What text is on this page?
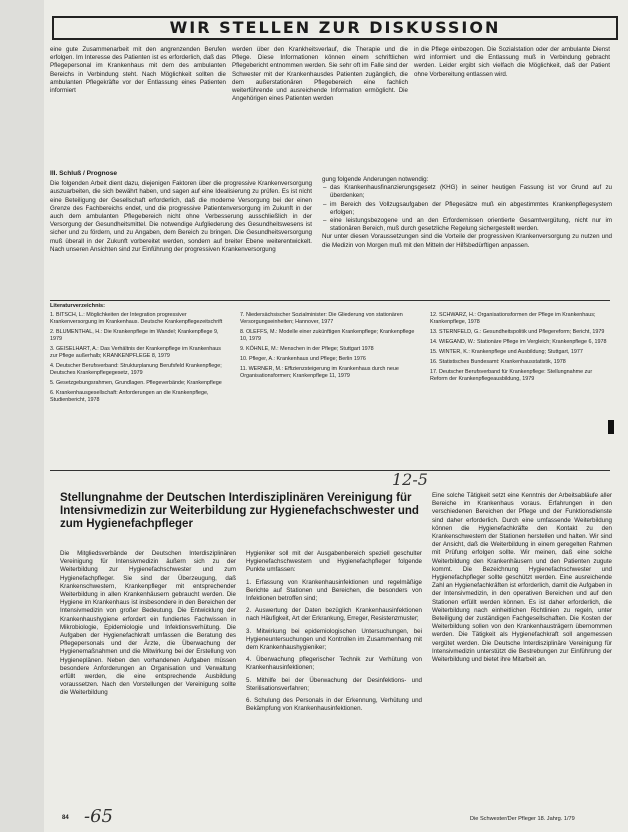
WIR STELLEN ZUR DISKUSSION
eine gute Zusammenarbeit mit den angrenzenden Berufen erfolgen. Im Interesse des Patienten ist es erforderlich, daß das Pflegepersonal im Krankenhaus mit dem des ambulanten Bereichs in Verbindung steht. Nach Möglichkeit sollten die ambulanten Pflegekräfte vor der Entlassung eines Patienten informiert
werden über den Krankheitsverlauf, die Therapie und die Pflege. Diese Informationen können einem schriftlichen Pflegebericht entnommen werden. Sie sehr oft im Falle sind der Schwester mit der Krankenhausdes Patienten zugänglich, die dem außerstationären Pflegebereich eine fachlich weiterführende und ausreichende Information ermöglicht. Die Angehörigen eines Patienten werden
in die Pflege einbezogen. Die Sozialstation oder der ambulante Dienst wird informiert und die Entlassung muß in Verbindung gebracht werden. Leider ergibt sich vielfach die Möglichkeit, daß der Patient ohne Vorbereitung entlassen wird.
III. Schluß / Prognose
Die folgenden Arbeit dient dazu, diejenigen Faktoren über die progressive Krankenversorgung auszuarbeiten, die sich bewährt haben, und sagen auf eine Idealisierung zu prüfen. Es ist nicht eine Beteiligung der Gesellschaft erforderlich, daß die moderne Versorgung bei der einen Grenze des Fachbereichs endet, und die progressive Patientenversorgung im Zukunft in der auch dem ambulanten Pflegebereich nicht ohne Verbesserung ausschließlich in der Versorgung der Gesundheitsmittel. Die notwendige Aufgliederung des Gesundheitswesens ist sicher und zu fördern, und zu Angaben, dem Bereich zu bringen. Die Gesundheitsversorgung muß überall in der Zukunft vorbereitet werden, sondern auf breiter Ebene weiterentwickelt. Nach unseren Ansichten sind zur Einführung der progressiven Krankenversorgung
gung folgende Änderungen notwendig:
– das Krankenhausfinanzierungsgesetz (KHG) in seiner heutigen Fassung ist vor Grund auf zu überdenken;
– im Bereich des Vollzugsaufgaben der Pflegesätze muß ein abgestimmtes Krankenpflegesystem erfolgen;
– eine leistungsbezogene und an den Erfordernissen orientierte Gesamtvergütung, nicht nur im stationären Bereich, muß durch gesetzliche Regelung sichergestellt werden.
Nur unter diesen Voraussetzungen sind die Vorteile der progressiven Krankenversorgung zu nutzen und die Medizin von Morgen muß mit den Mitteln der Hilfsbedürftigen anpassen.
Literaturverzeichnis:
1. BITSCH, L.: Möglichkeiten der Integration progressiver Krankenversorgung im Krankenhaus. Deutsche Krankenpflegezeitschrift
2. BLUMENTHAL, H.: Die Krankenpflege im Wandel; Krankenpflege 9, 1979
3. GEISELHART, A.: Das Verhältnis der Krankenpflege im Krankenhaus zur Pflege außerhalb; KRANKENPFLEGE 8, 1979
4. Deutscher Berufsverband: Strukturplanung Berufsfeld Krankenpflege; Deutsches Krankenpflegegesetz, 1979
5. Gesetzgebungsrahmen, Grundlagen. Pflegeverbände; Krankenpflege
6. Krankenhausgesellschaft: Anforderungen an die Krankenpflege, Studienbericht, 1978
7. Niedersächsischer Sozialminister: Die Gliederung von stationären Versorgungseinheiten; Hannover, 1977
8. OLEFFS, M.: Modelle einer zukünftigen Krankenpflege; Krankenpflege 10, 1979
9. KÖHNLE, M.: Menschen in der Pflege; Stuttgart 1978
10. Pfleger, A.: Krankenhaus und Pflege; Berlin 1976
11. WERNER, M.: Effizienzsteigerung im Krankenhaus durch neue Organisationsformen; Krankenpflege 11, 1979
12. SCHWARZ, H.: Organisationsformen der Pflege im Krankenhaus; Krankenpflege, 1978
13. STERNFELD, G.: Gesundheitspolitik und Pflegereform; Bericht, 1979
14. WIEGAND, W.: Stationäre Pflege im Vergleich; Krankenpflege 6, 1978
15. WINTER, K.: Krankenpflege und Ausbildung; Stuttgart, 1977
16. Statistisches Bundesamt: Krankenhausstatistik, 1978
17. Deutscher Berufsverband für Krankenpflege: Stellungnahme zur Reform der Krankenpflegeausbildung, 1979
12-5
Stellungnahme der Deutschen Interdisziplinären Vereinigung für Intensivmedizin zur Weiterbildung zur Hygienefachschwester und zum Hygienefachpfleger
Die Mitgliedsverbände der Deutschen Interdisziplinären Vereinigung für Intensivmedizin äußern sich zu der Weiterbildung zur Hygienefachschwester und zum Hygienefachpfleger. Sie sind der Überzeugung, daß Krankenschwestern, Krankenpfleger mit entsprechender Weiterbildung in allen Krankenhäusern gebraucht werden. Die Hygiene im Krankenhaus ist insbesondere in den Bereichen der Intensivmedizin von großer Bedeutung. Die Entwicklung der Krankenhaushygiene erfordert ein fundiertes Fachwissen in Mikrobiologie, Epidemiologie und Infektionsverhütung. Die Aufgaben der Hygienefachkraft umfassen die Beratung des Pflegepersonals und der Ärzte, die Überwachung der Hygienemaßnahmen und die Mitwirkung bei der Erstellung von Hygieneplänen. Neben den vorhandenen Aufgaben müssen besondere Anforderungen an Organisation und Verwaltung erfüllt werden, die eine entsprechende Ausbildung voraussetzen. Nach den Vorstellungen der Vereinigung sollte die Weiterbildung

Hygieniker soll mit der Ausgabenbereich speziell geschulter Hygienefachschwestern und Hygienefachpfleger folgende Punkte umfassen:

1. Erfassung von Krankenhausinfektionen und regelmäßige Berichte auf Stationen und Bereichen, die besonders von Infektionen betroffen sind;

2. Auswertung der Daten bezüglich Krankenhausinfektionen nach Häufigkeit, Art der Erkrankung, Erreger, Resistenzmuster;

3. Mitwirkung bei epidemiologischen Untersuchungen, bei Hygieneuntersuchungen und Kontrollen im Zusammenhang mit dem Krankenhaushygieniker;

4. Überwachung pflegerischer Technik zur Verhütung von Krankenhausinfektionen;

5. Mithilfe bei der Überwachung der Desinfektions- und Sterilisationsverfahren;

6. Schulung des Personals in der Erkennung, Verhütung und Bekämpfung von Krankenhausinfektionen.

Eine solche Tätigkeit setzt eine Kenntnis der Arbeitsabläufe aller Bereiche im Krankenhaus voraus. Erfahrungen in den verschiedenen Bereichen der Pflege und der Funktionsdienste sind daher erforderlich. Durch eine umfassende Weiterbildung können die Hygienefachkräfte den Kontakt zu den Krankenschwestern der Stationen herstellen und halten. Wir sind der Ansicht, daß die Weiterbildung in einem geregelten Rahmen mit Prüfung erfolgen sollte. Wir meinen, daß eine solche Weiterbildung den Krankenhäusern und den Patienten zugute kommt. Die Bezeichnung Hygienefachschwester und Hygienefachpfleger sollte geschützt werden. Eine ausreichende Zahl an Hygienefachkräften ist erforderlich, damit die Aufgaben in der Intensivmedizin, in den operativen Bereichen und auf den Stationen erfüllt werden können. Es ist daher erforderlich, die Weiterbildung nach einheitlichen Richtlinien zu regeln, unter Beteiligung der zuständigen Fachgesellschaften. Die Kosten der Weiterbildung sollen von den Krankenhausträgern übernommen werden. Die Tätigkeit als Hygienefachkraft soll angemessen vergütet werden. Die Deutsche Interdisziplinäre Vereinigung für Intensivmedizin unterstützt die Bestrebungen zur Einführung der Weiterbildung und bietet ihre Mitarbeit an.
84 -65	Die Schwester/Der Pfleger 18. Jahrg. 1/79
